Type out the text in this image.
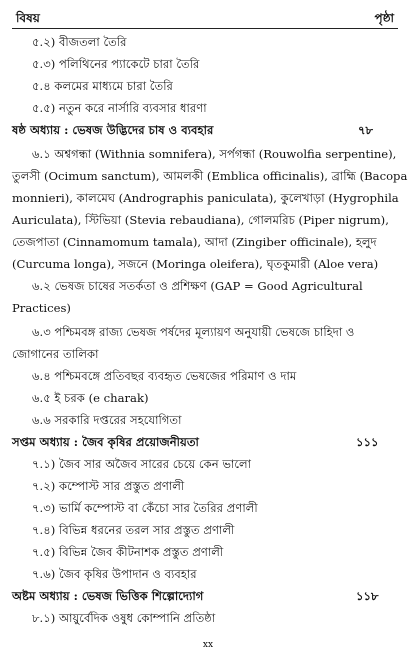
বিষয়	পৃষ্ঠা
৫.২) বীজতলা তৈরি
৫.৩) পলিথিনের প্যাকেটে চারা তৈরি
৫.৪ কলমের মাধ্যমে চারা তৈরি
৫.৫) নতুন করে নার্সারি ব্যবসার ধারণা
ষষ্ঠ অধ্যায় : ভেষজ উদ্ভিদের চাষ ও ব্যবহার	৭৮
৬.১ অশ্বগন্ধা (Withnia somnifera), সর্পগন্ধা (Rouwolfia serpentine),
তুলসী (Ocimum sanctum), আমলকী (Emblica officinalis), ব্রাহ্মি (Bacopa
monnieri), কালমেঘ (Andrographis paniculata), কুলেখাড়া (Hygrophila
Auriculata), স্টিভিয়া (Stevia rebaudiana), গোলমরিচ (Piper nigrum),
তেজপাতা (Cinnamomum tamala), আদা (Zingiber officinale), হলুদ
(Curcuma longa), সজনে (Moringa oleifera), ঘৃতকুমারী (Aloe vera)
৬.২ ভেষজ চাষের সতর্কতা ও প্রশিক্ষণ (GAP = Good Agricultural
Practices)
৬.৩ পশ্চিমবঙ্গ রাজ্য ভেষজ পর্ষদের মূল্যায়ণ অনুযায়ী ভেষজে চাহিদা ও
জোগানের তালিকা
৬.৪ পশ্চিমবঙ্গে প্রতিবছর ব্যবহৃত ভেষজের পরিমাণ ও দাম
৬.৫ ই চরক (e charak)
৬.৬ সরকারি দপ্তরের সহযোগিতা
সপ্তম অধ্যায় : জৈব কৃষির প্রয়োজনীয়তা	১১১
৭.১) জৈব সার অজৈব সারের চেয়ে কেন ভালো
৭.২) কম্পোস্ট সার প্রস্তুত প্রণালী
৭.৩) ভার্মি কম্পোস্ট বা কেঁচো সার তৈরির প্রণালী
৭.৪) বিভিন্ন ধরনের তরল সার প্রস্তুত প্রণালী
৭.৫) বিভিন্ন জৈব কীটনাশক প্রস্তুত প্রণালী
৭.৬) জৈব কৃষির উপাদান ও ব্যবহার
অষ্টম অধ্যায় : ভেষজ ভিত্তিক শিল্পোদ্যোগ	১১৮
৮.১) আয়ুর্বেদিক ওষুধ কোম্পানি প্রতিষ্ঠা
xx
